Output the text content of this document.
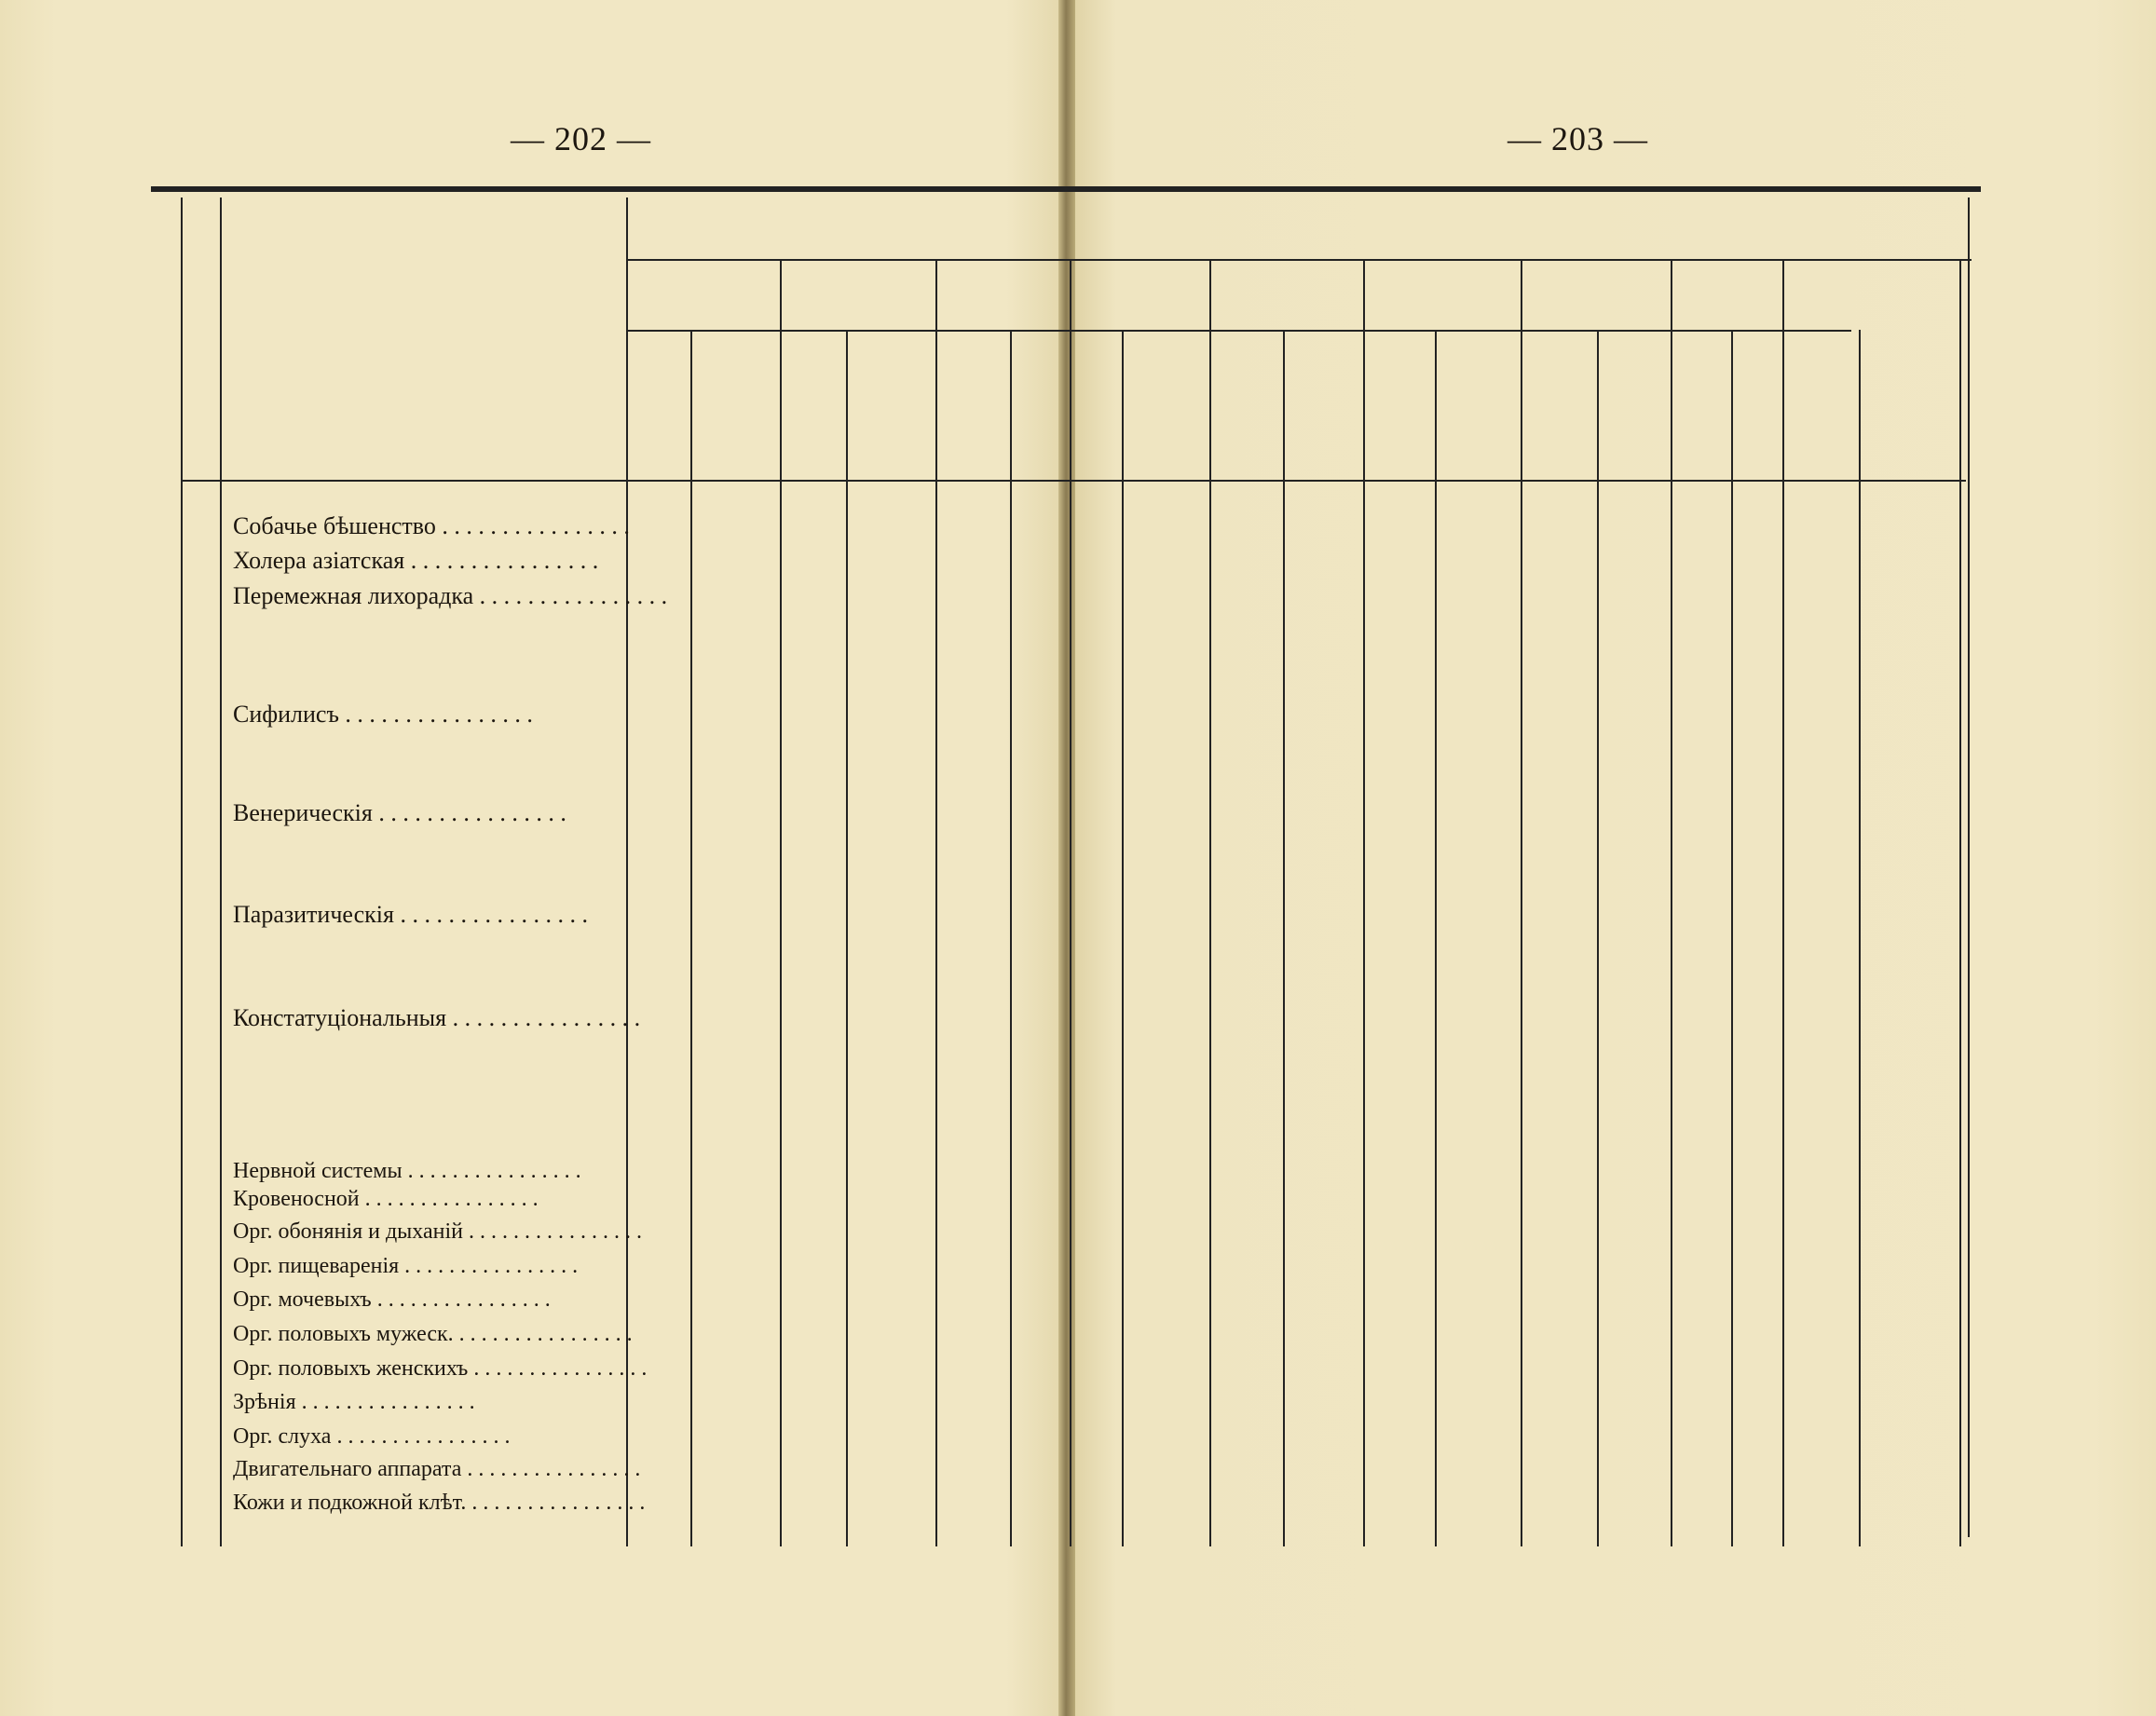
— 202 —	— 203 —
Собачье бѣшенство . . . . . . . . . . . . . . . .
Холера азіатская . . . . . . . . . . . . . . . .
Перемежная лихорадка . . . . . . . . . . . . . . . .
Сифилисъ . . . . . . . . . . . . . . . .
Венерическія . . . . . . . . . . . . . . . .
Паразитическія . . . . . . . . . . . . . . . .
Констатуціональныя . . . . . . . . . . . . . . . .
Нервной системы . . . . . . . . . . . . . . . .
Кровеносной . . . . . . . . . . . . . . . .
Орг. обонянія и дыханій . . . . . . . . . . . . . . . .
Орг. пищеваренія . . . . . . . . . . . . . . . .
Орг. мочевыхъ . . . . . . . . . . . . . . . .
Орг. половыхъ мужеск. . . . . . . . . . . . . . . . .
Орг. половыхъ женскихъ . . . . . . . . . . . . . . . .
Зрѣнія . . . . . . . . . . . . . . . .
Орг. слуха . . . . . . . . . . . . . . . .
Двигательнаго аппарата . . . . . . . . . . . . . . . .
Кожи и подкожной клѣт. . . . . . . . . . . . . . . . .
